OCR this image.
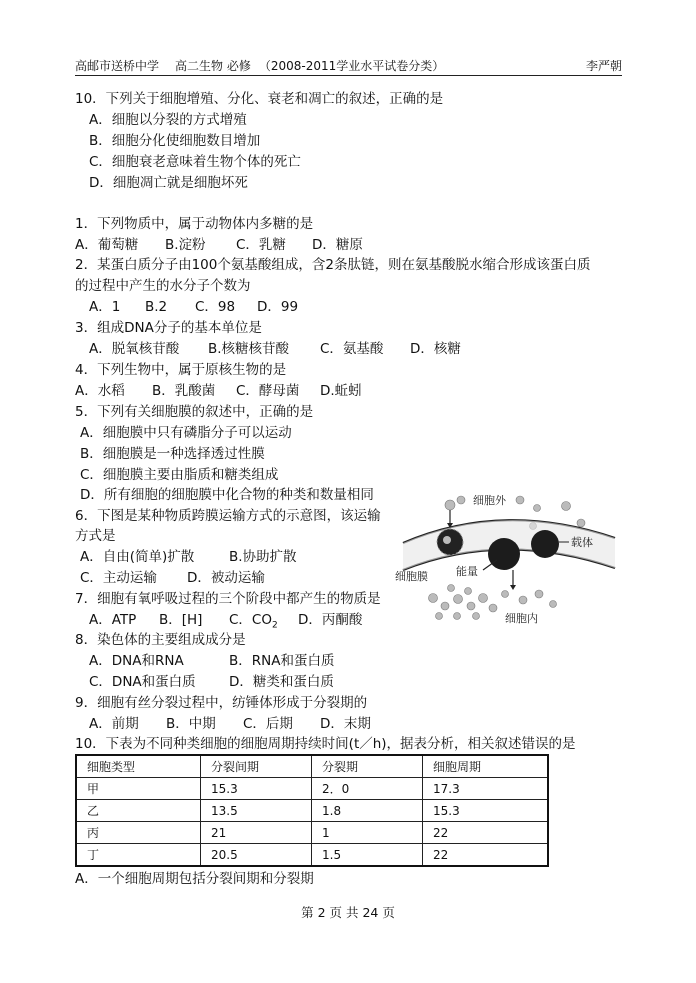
高邮市送桥中学 高二生物 必修 （2008-2011学业水平试卷分类）	李严朝
10．下列关于细胞增殖、分化、衰老和凋亡的叙述，正确的是
A．细胞以分裂的方式增殖
B．细胞分化使细胞数目增加
C．细胞衰老意味着生物个体的死亡
D．细胞凋亡就是细胞坏死
1．下列物质中，属于动物体内多糖的是
A．葡萄糖 B.淀粉 C．乳糖 D．糖原
2．某蛋白质分子由100个氨基酸组成，含2条肽链，则在氨基酸脱水缩合形成该蛋白质
的过程中产生的水分子个数为
A．1 B.2 C．98 D．99
3．组成DNA分子的基本单位是
A．脱氧核苷酸 B.核糖核苷酸 C．氨基酸 D．核糖
4．下列生物中，属于原核生物的是
A．水稻 B．乳酸菌 C．酵母菌 D.蚯蚓
5．下列有关细胞膜的叙述中，正确的是
A．细胞膜中只有磷脂分子可以运动
B．细胞膜是一种选择透过性膜
C．细胞膜主要由脂质和糖类组成
D．所有细胞的细胞膜中化合物的种类和数量相同
6．下图是某种物质跨膜运输方式的示意图，该运输
方式是
A．自由(简单)扩散	B.协助扩散
C．主动运输 D．被动运输
细胞外
细胞膜	能量
载体
细胞内
7．细胞有氧呼吸过程的三个阶段中都产生的物质是
A．ATP B．[H] C．$CO_2$ D．丙酮酸
8．染色体的主要组成成分是
A．DNA和RNA	B．RNA和蛋白质
C．DNA和蛋白质 D．糖类和蛋白质
9．细胞有丝分裂过程中，纺锤体形成于分裂期的
A．前期 B．中期 C．后期 D．末期
10．下表为不同种类细胞的细胞周期持续时间(t／h)，据表分析，相关叙述错误的是
细胞类型	分裂间期	分裂期	细胞周期
甲	15.3	2．0	17.3
乙	13.5	1.8	15.3
丙	21	1	22
丁	20.5	1.5	22
A．一个细胞周期包括分裂间期和分裂期
第 2 页 共 24 页
